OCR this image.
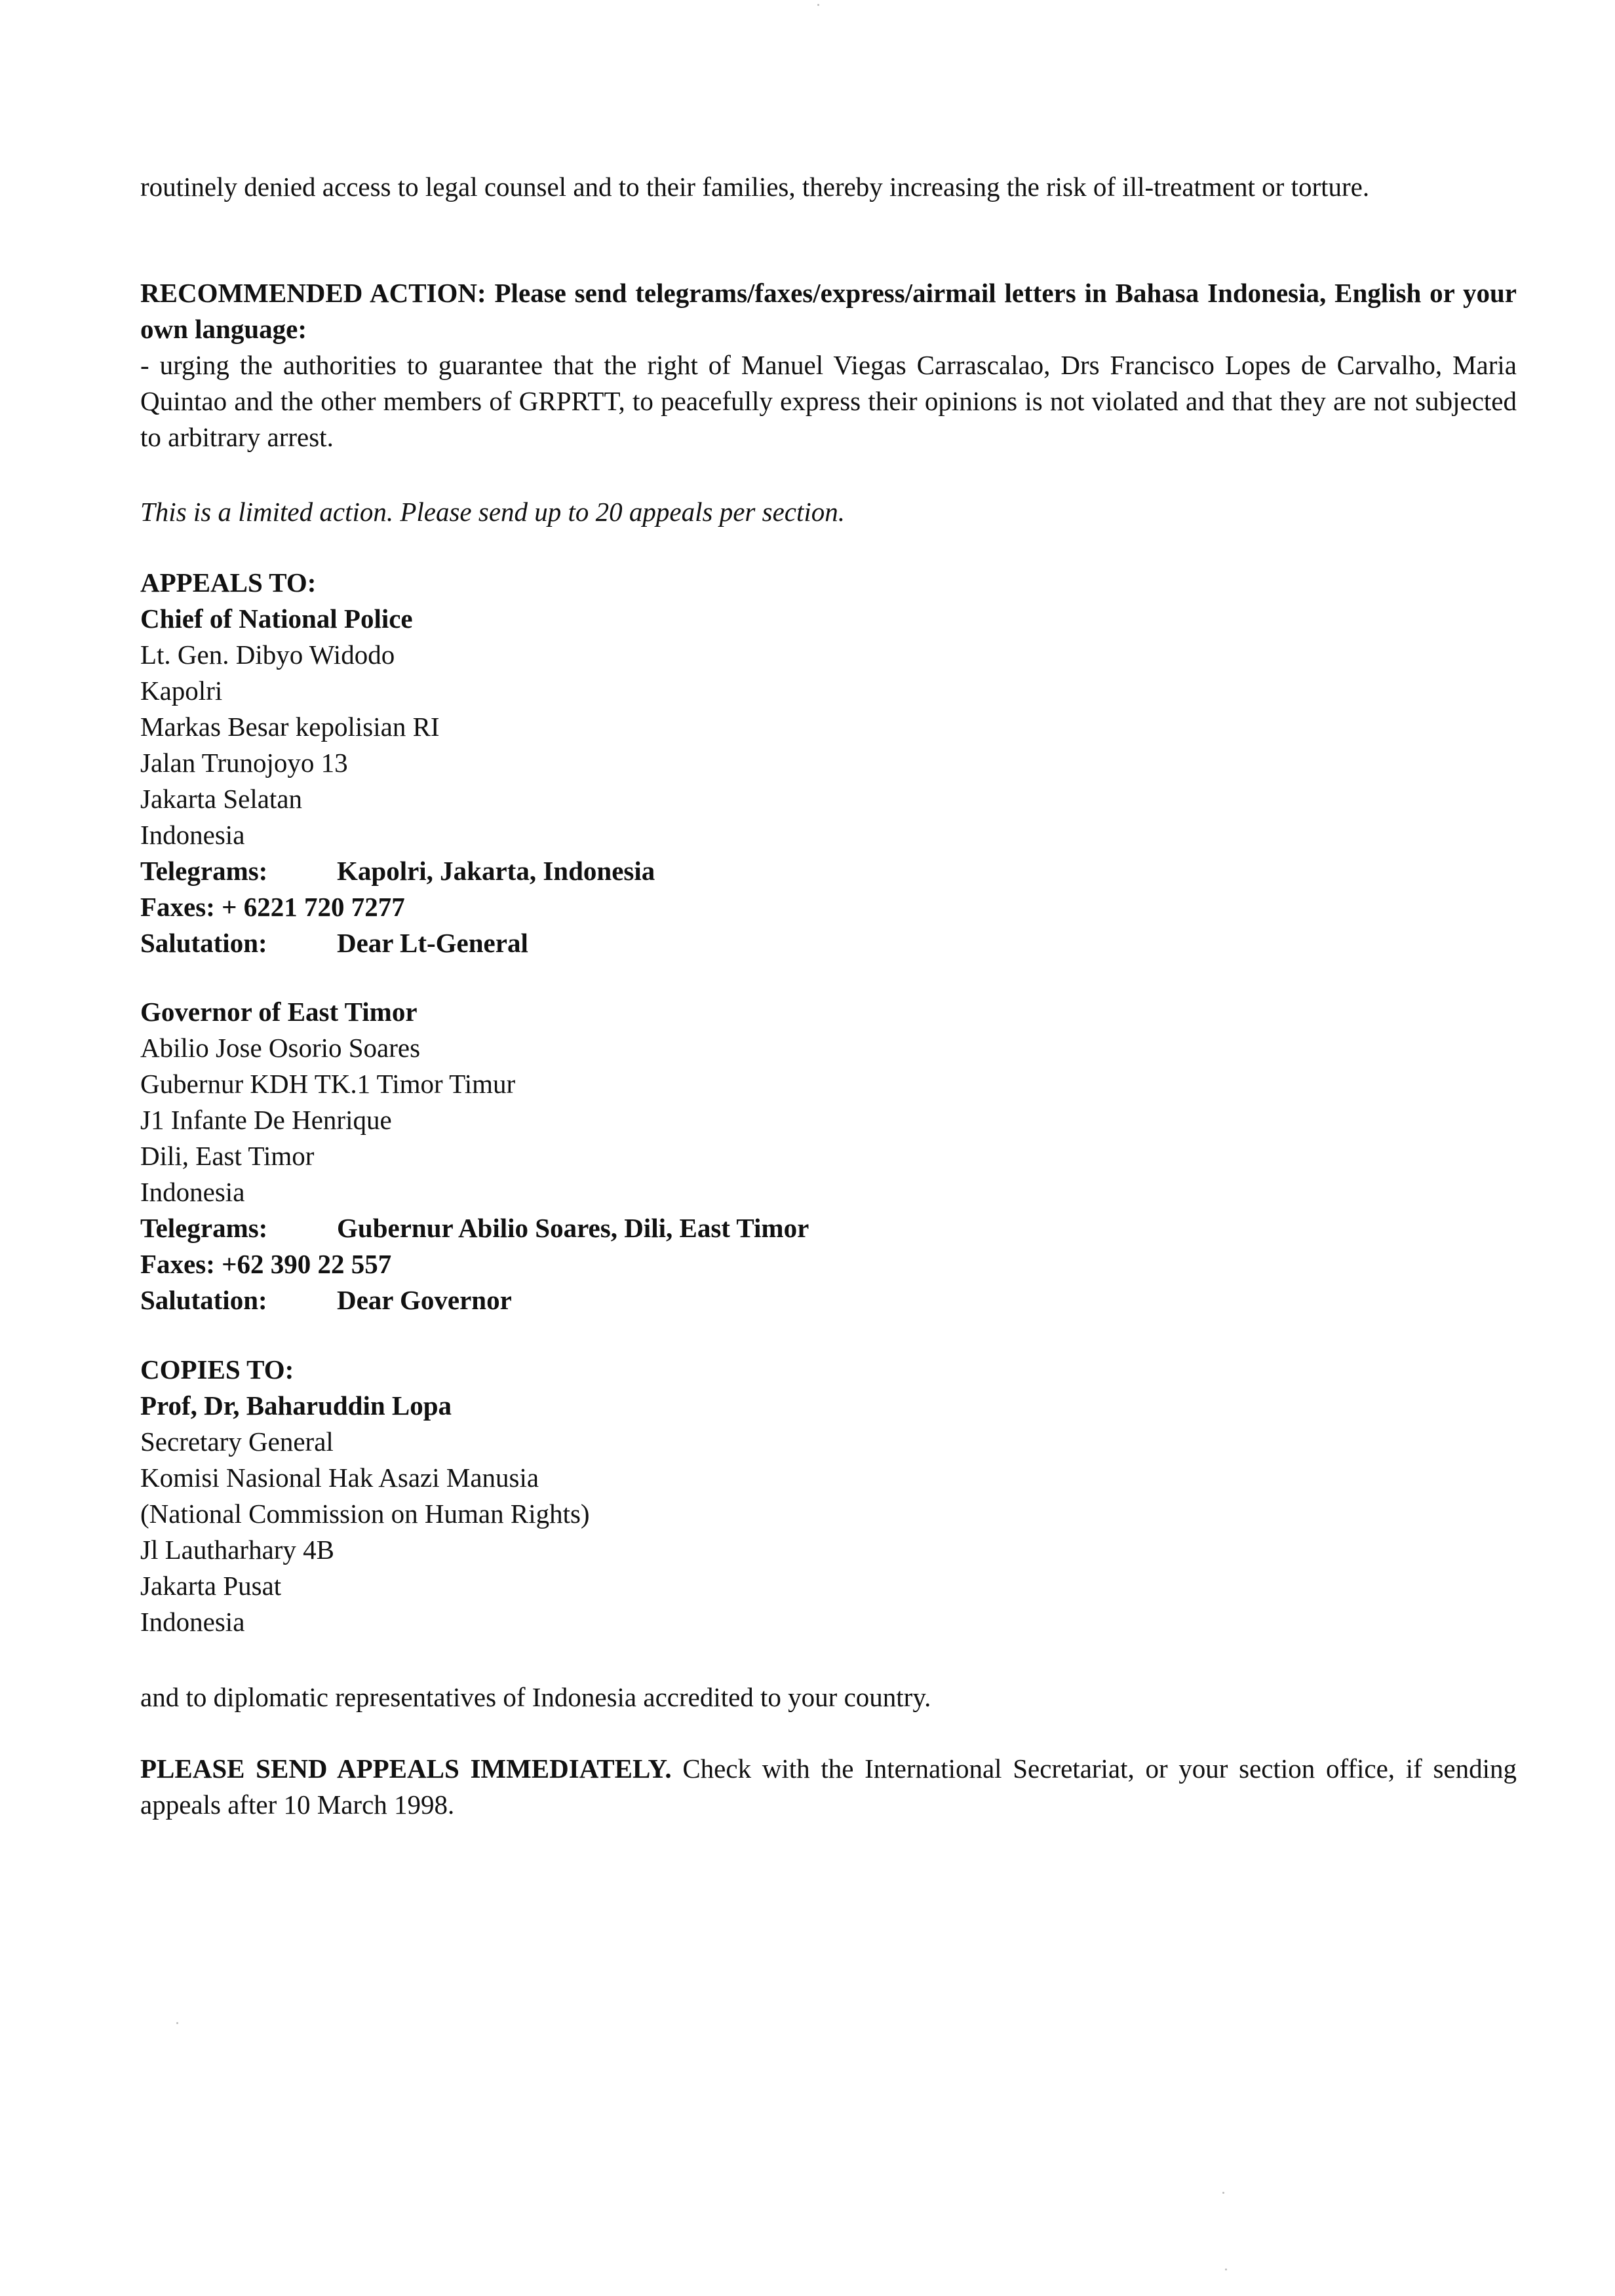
routinely denied access to legal counsel and to their families, thereby increasing the risk of ill-treatment or torture.

RECOMMENDED ACTION: Please send telegrams/faxes/express/airmail letters in Bahasa Indonesia, English or your own language:

- urging the authorities to guarantee that the right of Manuel Viegas Carrascalao, Drs Francisco Lopes de Carvalho, Maria Quintao and the other members of GRPRTT, to peacefully express their opinions is not violated and that they are not subjected to arbitrary arrest.

This is a limited action. Please send up to 20 appeals per section.

APPEALS TO:
Chief of National Police
Lt. Gen. Dibyo Widodo
Kapolri
Markas Besar kepolisian RI
Jalan Trunojoyo 13
Jakarta Selatan
Indonesia
Telegrams:	Kapolri, Jakarta, Indonesia
Faxes: + 6221 720 7277
Salutation:	Dear Lt-General
Governor of East Timor
Abilio Jose Osorio Soares
Gubernur KDH TK.1 Timor Timur
J1 Infante De Henrique
Dili, East Timor
Indonesia
Telegrams:	Gubernur Abilio Soares, Dili, East Timor
Faxes: +62 390 22 557
Salutation:	Dear Governor
COPIES TO:
Prof, Dr, Baharuddin Lopa
Secretary General
Komisi Nasional Hak Asazi Manusia
(National Commission on Human Rights)
Jl Lautharhary 4B
Jakarta Pusat
Indonesia

and to diplomatic representatives of Indonesia accredited to your country.

PLEASE SEND APPEALS IMMEDIATELY. Check with the International Secretariat, or your section office, if sending appeals after 10 March 1998.
